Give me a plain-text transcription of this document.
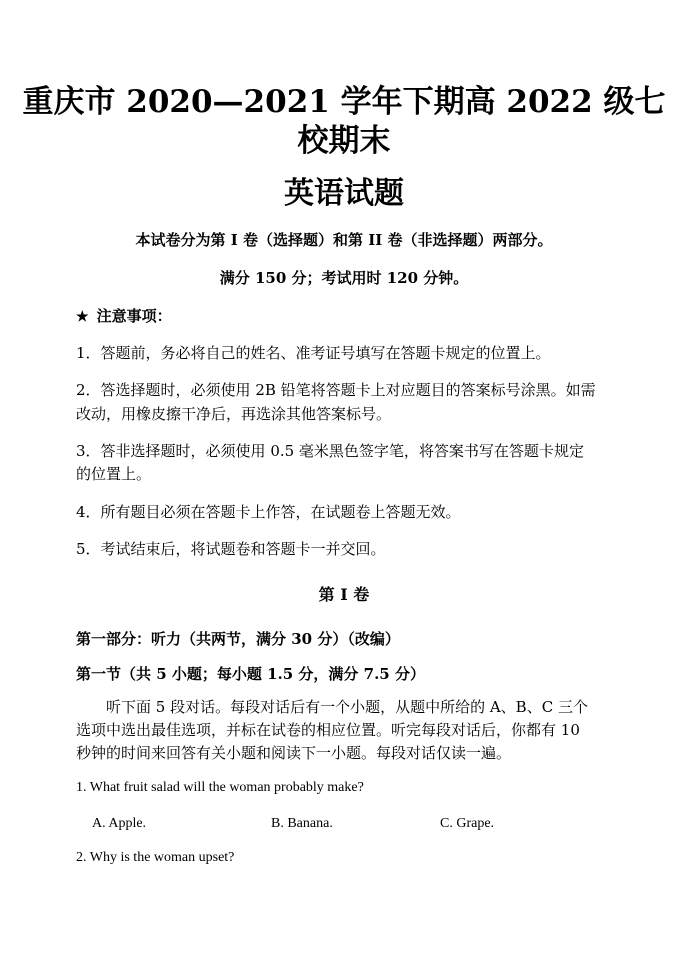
重庆市 2020—2021 学年下期高 2022 级七
校期末
英语试题
本试卷分为第 I 卷（选择题）和第 II 卷（非选择题）两部分。
满分 150 分；考试用时 120 分钟。
★ 注意事项：
1．答题前，务必将自己的姓名、准考证号填写在答题卡规定的位置上。
2．答选择题时，必须使用 2B 铅笔将答题卡上对应题目的答案标号涂黑。如需
改动，用橡皮擦干净后，再选涂其他答案标号。
3．答非选择题时，必须使用 0.5 毫米黑色签字笔，将答案书写在答题卡规定
的位置上。
4．所有题目必须在答题卡上作答，在试题卷上答题无效。
5．考试结束后，将试题卷和答题卡一并交回。
第 I 卷
第一部分：听力（共两节，满分 30 分）（改编）
第一节（共 5 小题；每小题 1.5 分，满分 7.5 分）
听下面 5 段对话。每段对话后有一个小题，从题中所给的 A、B、C 三个
选项中选出最佳选项，并标在试卷的相应位置。听完每段对话后，你都有 10
秒钟的时间来回答有关小题和阅读下一小题。每段对话仅读一遍。
1. What fruit salad will the woman probably make?
A. Apple.	B. Banana.	C. Grape.
2. Why is the woman upset?
